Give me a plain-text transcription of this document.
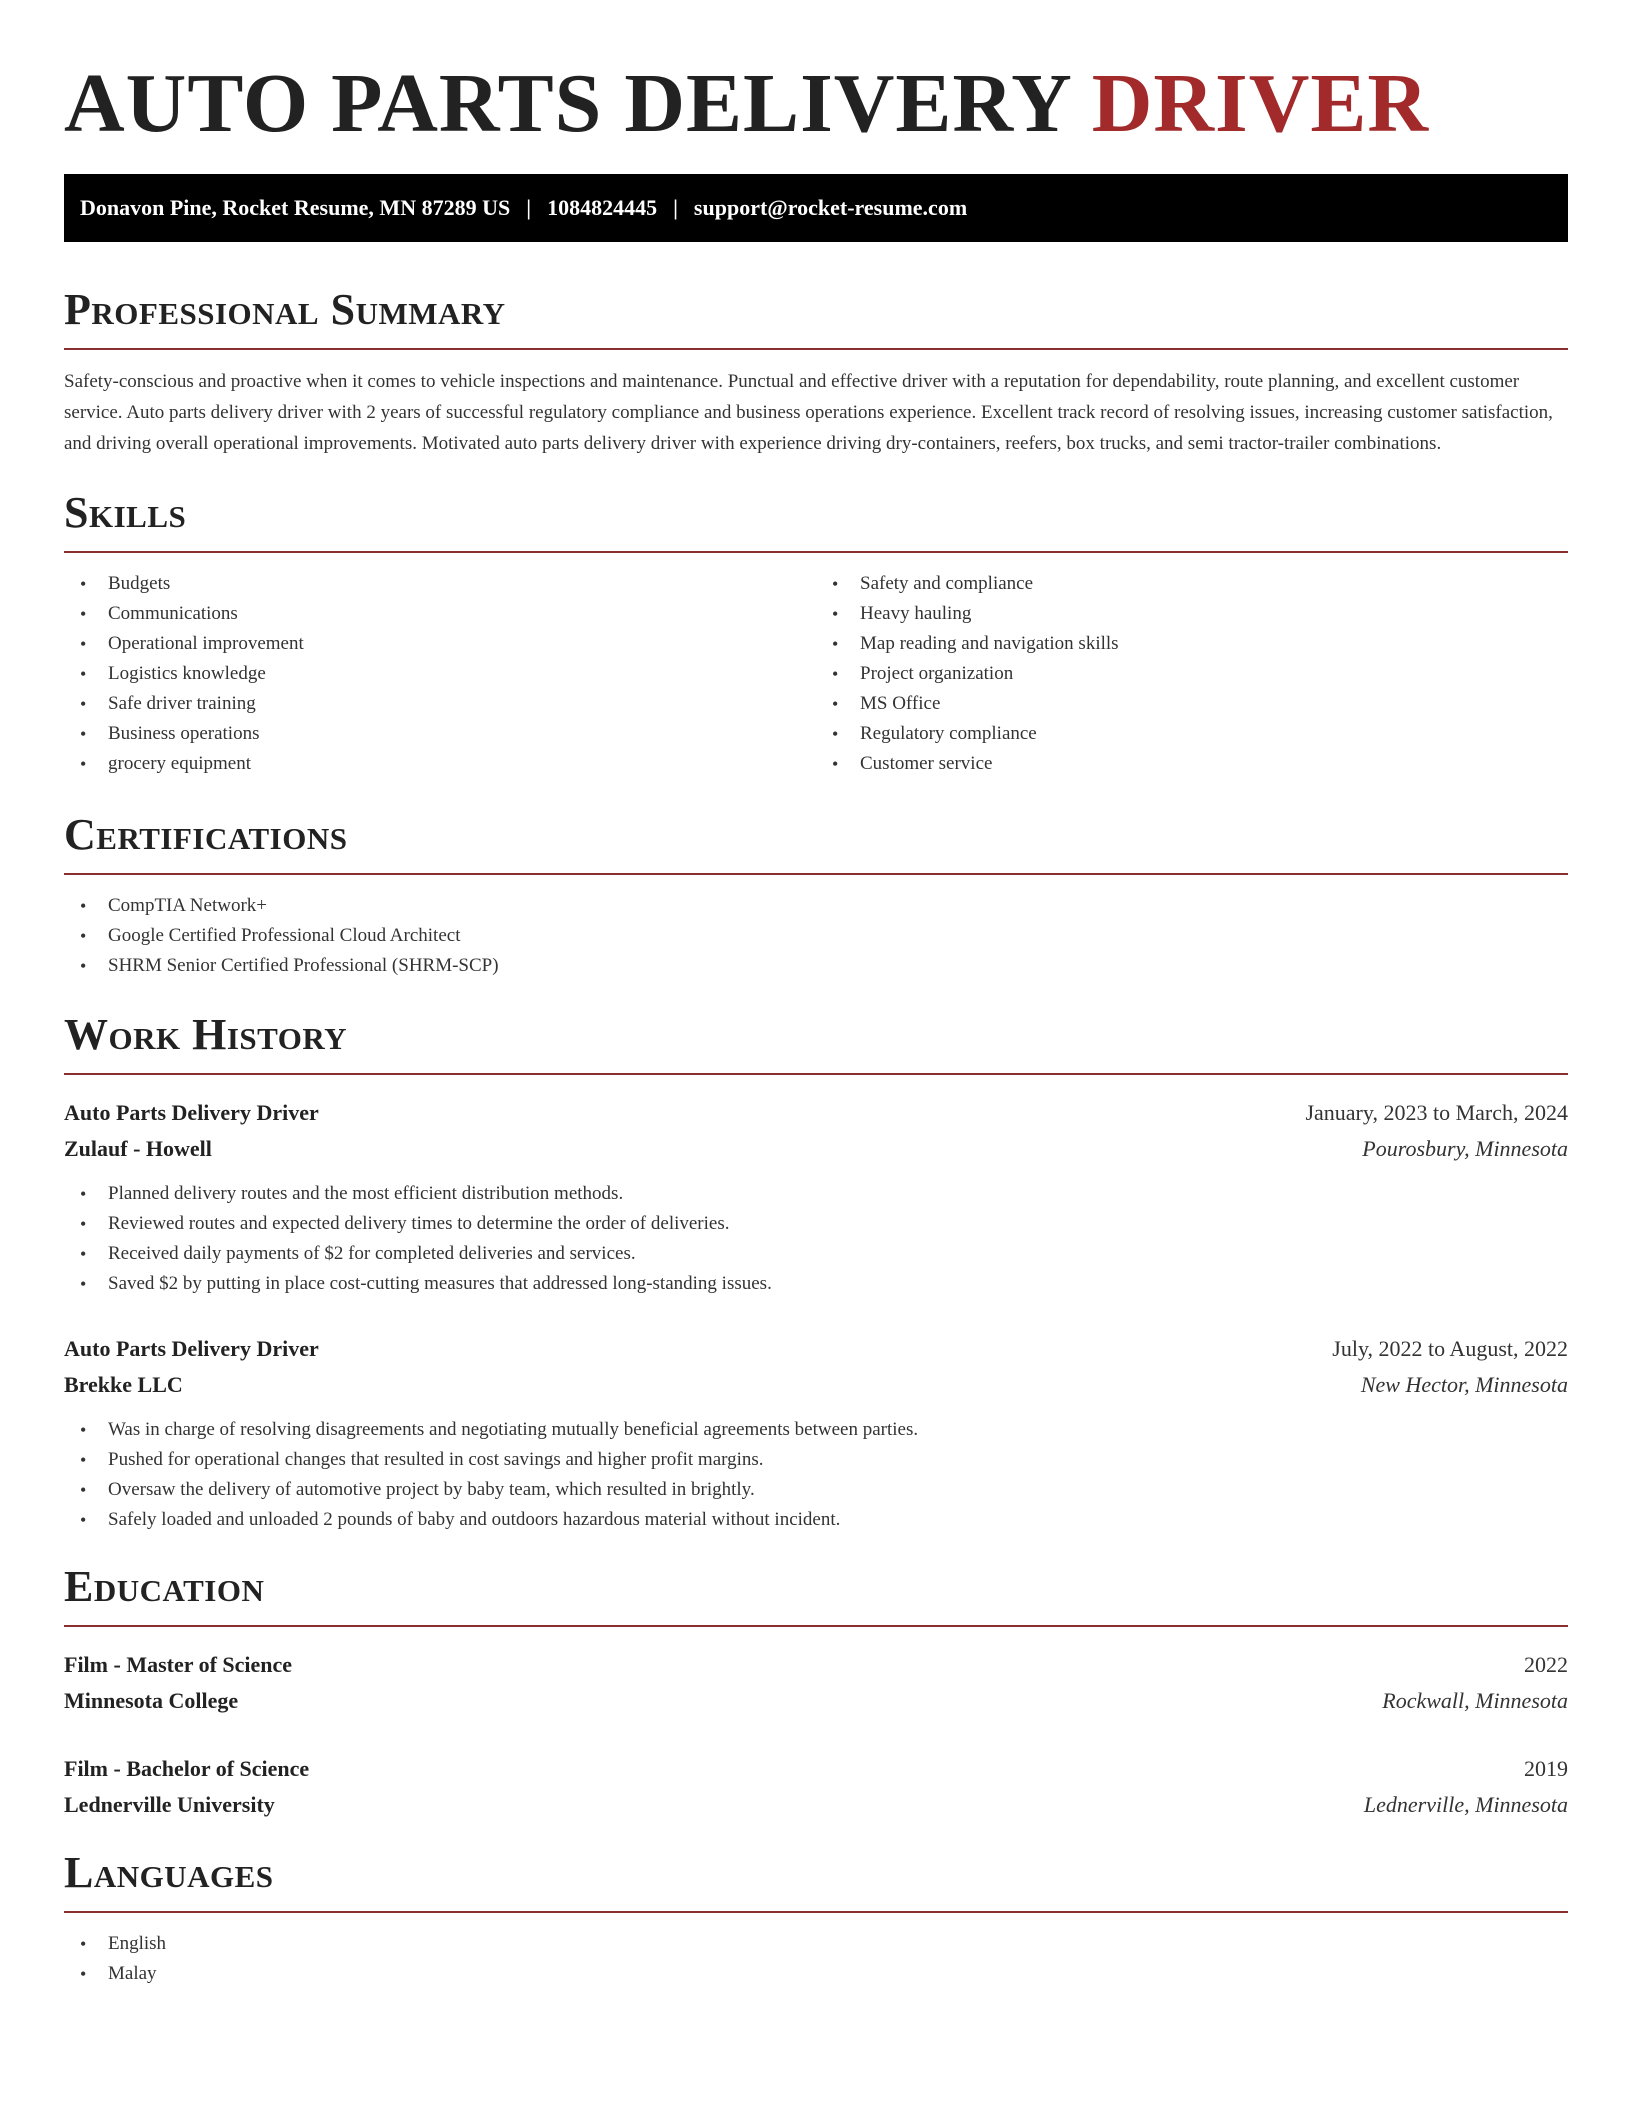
AUTO PARTS DELIVERY DRIVER
Donavon Pine, Rocket Resume, MN 87289 US | 1084824445 | support@rocket-resume.com
Professional Summary

Safety-conscious and proactive when it comes to vehicle inspections and maintenance. Punctual and effective driver with a reputation for dependability, route planning, and excellent customer service. Auto parts delivery driver with 2 years of successful regulatory compliance and business operations experience. Excellent track record of resolving issues, increasing customer satisfaction, and driving overall operational improvements. Motivated auto parts delivery driver with experience driving dry-containers, reefers, box trucks, and semi tractor-trailer combinations.

Skills
• Budgets
• Communications
• Operational improvement
• Logistics knowledge
• Safe driver training
• Business operations
• grocery equipment
• Safety and compliance
• Heavy hauling
• Map reading and navigation skills
• Project organization
• MS Office
• Regulatory compliance
• Customer service
Certifications
• CompTIA Network+
• Google Certified Professional Cloud Architect
• SHRM Senior Certified Professional (SHRM-SCP)
Work History
Auto Parts Delivery Driver	January, 2023 to March, 2024
Zulauf - Howell	Pourosbury, Minnesota
• Planned delivery routes and the most efficient distribution methods.
• Reviewed routes and expected delivery times to determine the order of deliveries.
• Received daily payments of $2 for completed deliveries and services.
• Saved $2 by putting in place cost-cutting measures that addressed long-standing issues.
Auto Parts Delivery Driver	July, 2022 to August, 2022
Brekke LLC	New Hector, Minnesota
• Was in charge of resolving disagreements and negotiating mutually beneficial agreements between parties.
• Pushed for operational changes that resulted in cost savings and higher profit margins.
• Oversaw the delivery of automotive project by baby team, which resulted in brightly.
• Safely loaded and unloaded 2 pounds of baby and outdoors hazardous material without incident.
Education
Film - Master of Science	2022
Minnesota College	Rockwall, Minnesota
Film - Bachelor of Science	2019
Lednerville University	Lednerville, Minnesota
Languages
• English
• Malay
